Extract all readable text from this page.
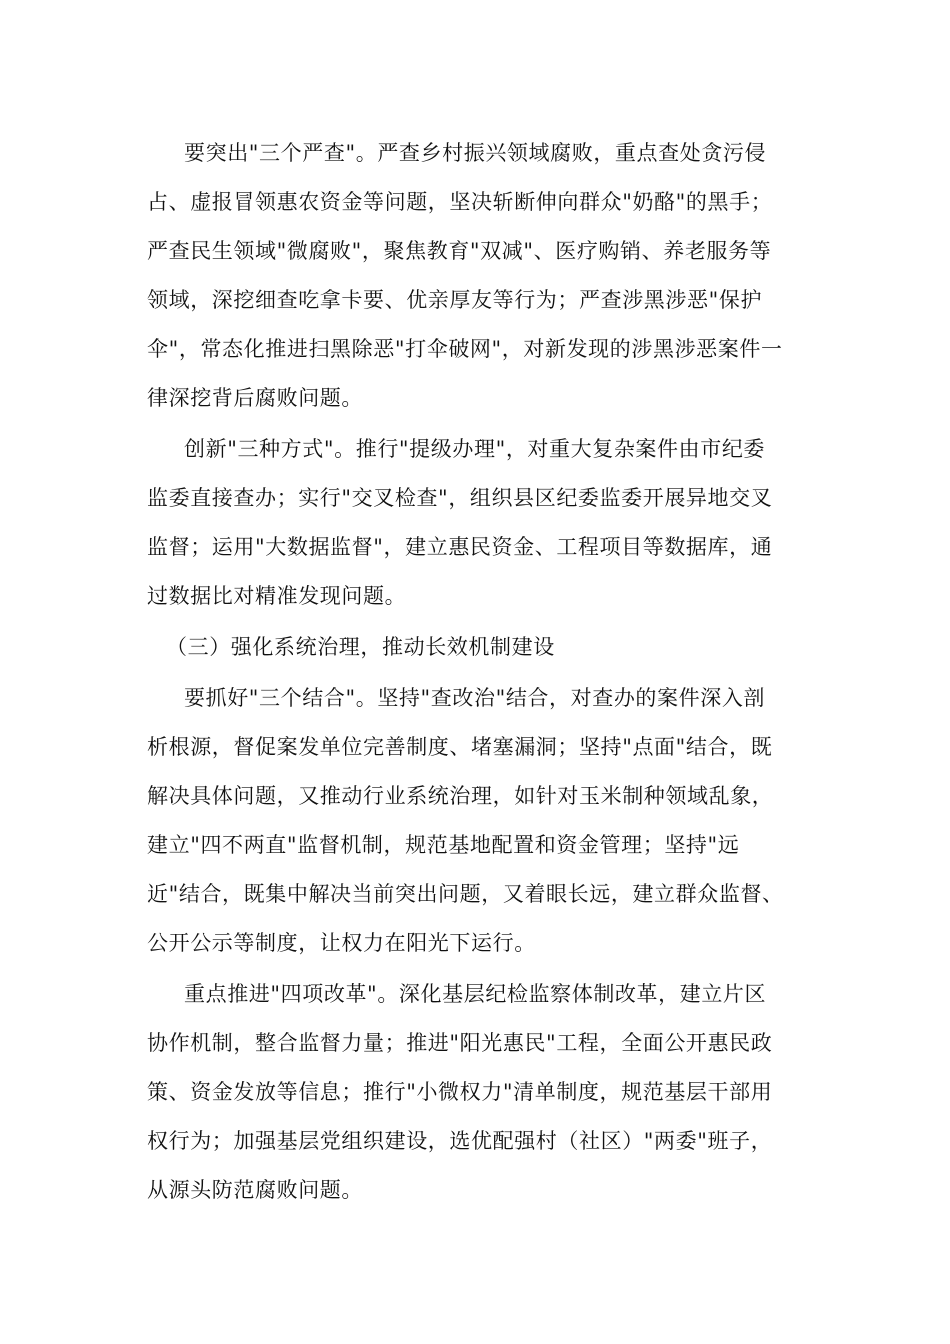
要突出"三个严查"。严查乡村振兴领域腐败，重点查处贪污侵

占、虚报冒领惠农资金等问题，坚决斩断伸向群众"奶酪"的黑手；

严查民生领域"微腐败"，聚焦教育"双减"、医疗购销、养老服务等

领域，深挖细查吃拿卡要、优亲厚友等行为；严查涉黑涉恶"保护

伞"，常态化推进扫黑除恶"打伞破网"，对新发现的涉黑涉恶案件一

律深挖背后腐败问题。

创新"三种方式"。推行"提级办理"，对重大复杂案件由市纪委

监委直接查办；实行"交叉检查"，组织县区纪委监委开展异地交叉

监督；运用"大数据监督"，建立惠民资金、工程项目等数据库，通

过数据比对精准发现问题。

（三）强化系统治理，推动长效机制建设

要抓好"三个结合"。坚持"查改治"结合，对查办的案件深入剖

析根源，督促案发单位完善制度、堵塞漏洞；坚持"点面"结合，既

解决具体问题，又推动行业系统治理，如针对玉米制种领域乱象，

建立"四不两直"监督机制，规范基地配置和资金管理；坚持"远

近"结合，既集中解决当前突出问题，又着眼长远，建立群众监督、

公开公示等制度，让权力在阳光下运行。

重点推进"四项改革"。深化基层纪检监察体制改革，建立片区

协作机制，整合监督力量；推进"阳光惠民"工程，全面公开惠民政

策、资金发放等信息；推行"小微权力"清单制度，规范基层干部用

权行为；加强基层党组织建设，选优配强村（社区）"两委"班子，

从源头防范腐败问题。
